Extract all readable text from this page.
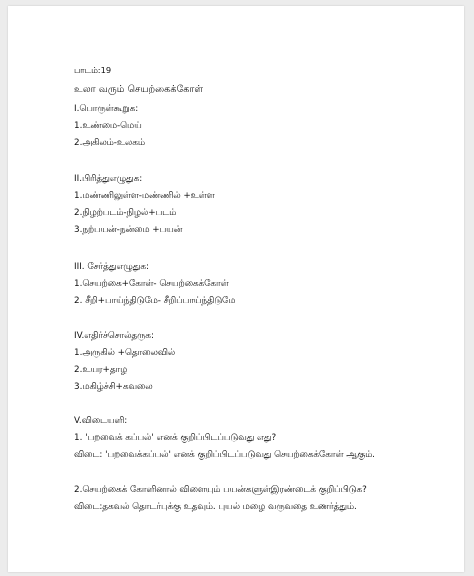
பாடம்:19
உலா வரும் செயற்கைக்கோள்
I.பொருள்கூறுக:
1.உண்மை-மெய்
2.அகிலம்-உலகம்
II.பிரித்துஎழுதுக:
1.மண்ணிலுள்ள-மண்ணில் +உள்ள
2.நிழற்படம்-நிழல்+படம்
3.நற்பயன்-நன்மை +பயன்
III. சேர்த்துஎழுதுக:
1.செயற்கை+கோள்- செயற்கைக்கோள்
2. சீறி+பாய்ந்திடுமே- சீறிப்பாய்ந்திடுமே
IV.எதிர்ச்சொல்தருக:
1.அருகில் +தொலைவில்
2.உயர+தாழ
3.மகிழ்ச்சி+கவலை
V.விடையளி:
1. 'பறவைக் கப்பல்' எனக் குறிப்பிடப்படுவது எது?
விடை: 'பறவைக்கப்பல்' எனக் குறிப்பிடப்படுவது செயற்கைக்கோள் ஆகும்.
2.செயற்கைக் கோளினால் விளையும் பயன்களுள்இரண்டைக் குறிப்பிடுக?
விடை:தகவல் தொடர்புக்கு உதவும். புயல் மழை வருவதை உணர்த்தும்.
